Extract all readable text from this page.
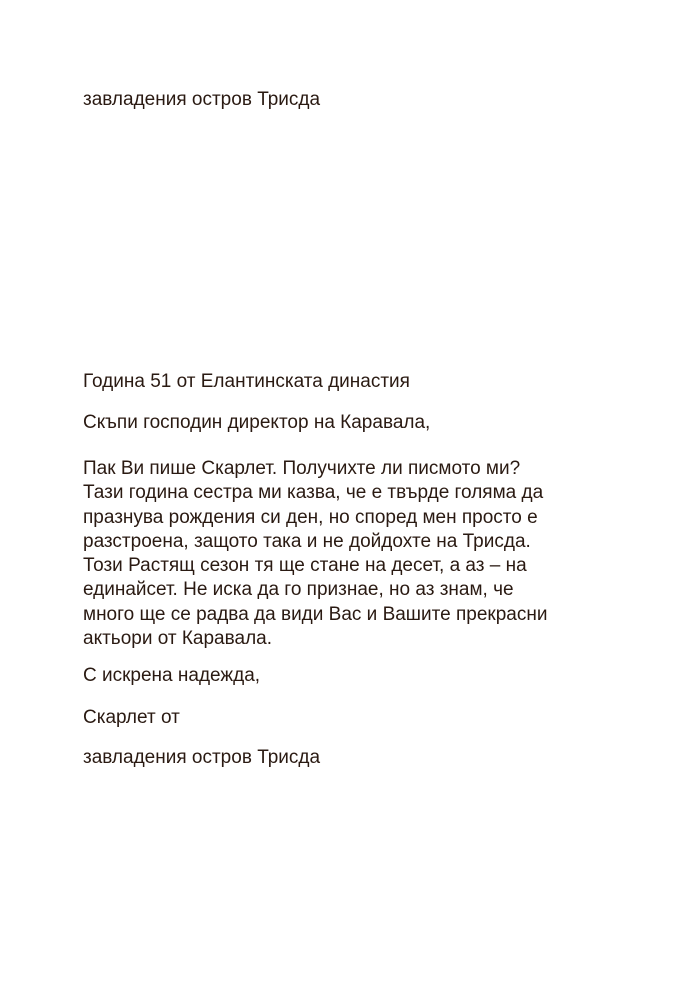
завладения остров Трисда

Година 51 от Елантинската династия

Скъпи господин директор на Каравала,

Пак Ви пише Скарлет. Получихте ли писмото ми?
Тази година сестра ми казва, че е твърде голяма да
празнува рождения си ден, но според мен просто е
разстроена, защото така и не дойдохте на Трисда.
Този Растящ сезон тя ще стане на десет, а аз – на
единайсет. Не иска да го признае, но аз знам, че
много ще се радва да види Вас и Вашите прекрасни
актьори от Каравала.

С искрена надежда,

Скарлет от

завладения остров Трисда
